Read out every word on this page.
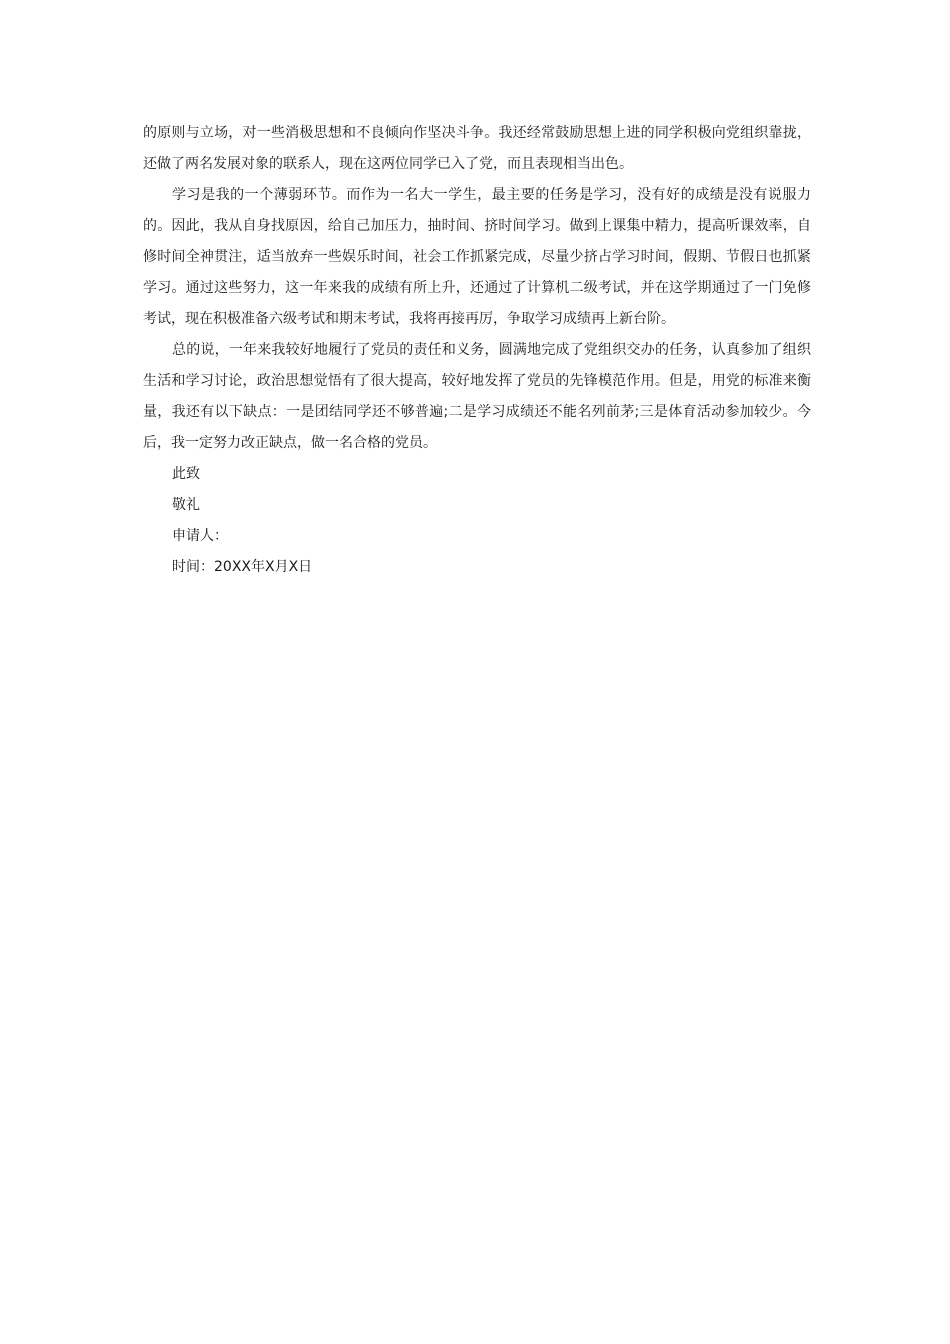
的原则与立场，对一些消极思想和不良倾向作坚决斗争。我还经常鼓励思想上进的同学积极向党组织靠拢，还做了两名发展对象的联系人，现在这两位同学已入了党，而且表现相当出色。

学习是我的一个薄弱环节。而作为一名大一学生，最主要的任务是学习，没有好的成绩是没有说服力的。因此，我从自身找原因，给自己加压力，抽时间、挤时间学习。做到上课集中精力，提高听课效率，自修时间全神贯注，适当放弃一些娱乐时间，社会工作抓紧完成，尽量少挤占学习时间，假期、节假日也抓紧学习。通过这些努力，这一年来我的成绩有所上升，还通过了计算机二级考试，并在这学期通过了一门免修考试，现在积极准备六级考试和期末考试，我将再接再厉，争取学习成绩再上新台阶。

总的说，一年来我较好地履行了党员的责任和义务，圆满地完成了党组织交办的任务，认真参加了组织生活和学习讨论，政治思想觉悟有了很大提高，较好地发挥了党员的先锋模范作用。但是，用党的标准来衡量，我还有以下缺点：一是团结同学还不够普遍;二是学习成绩还不能名列前茅;三是体育活动参加较少。今后，我一定努力改正缺点，做一名合格的党员。

此致

敬礼

申请人：

时间：20XX年X月X日
